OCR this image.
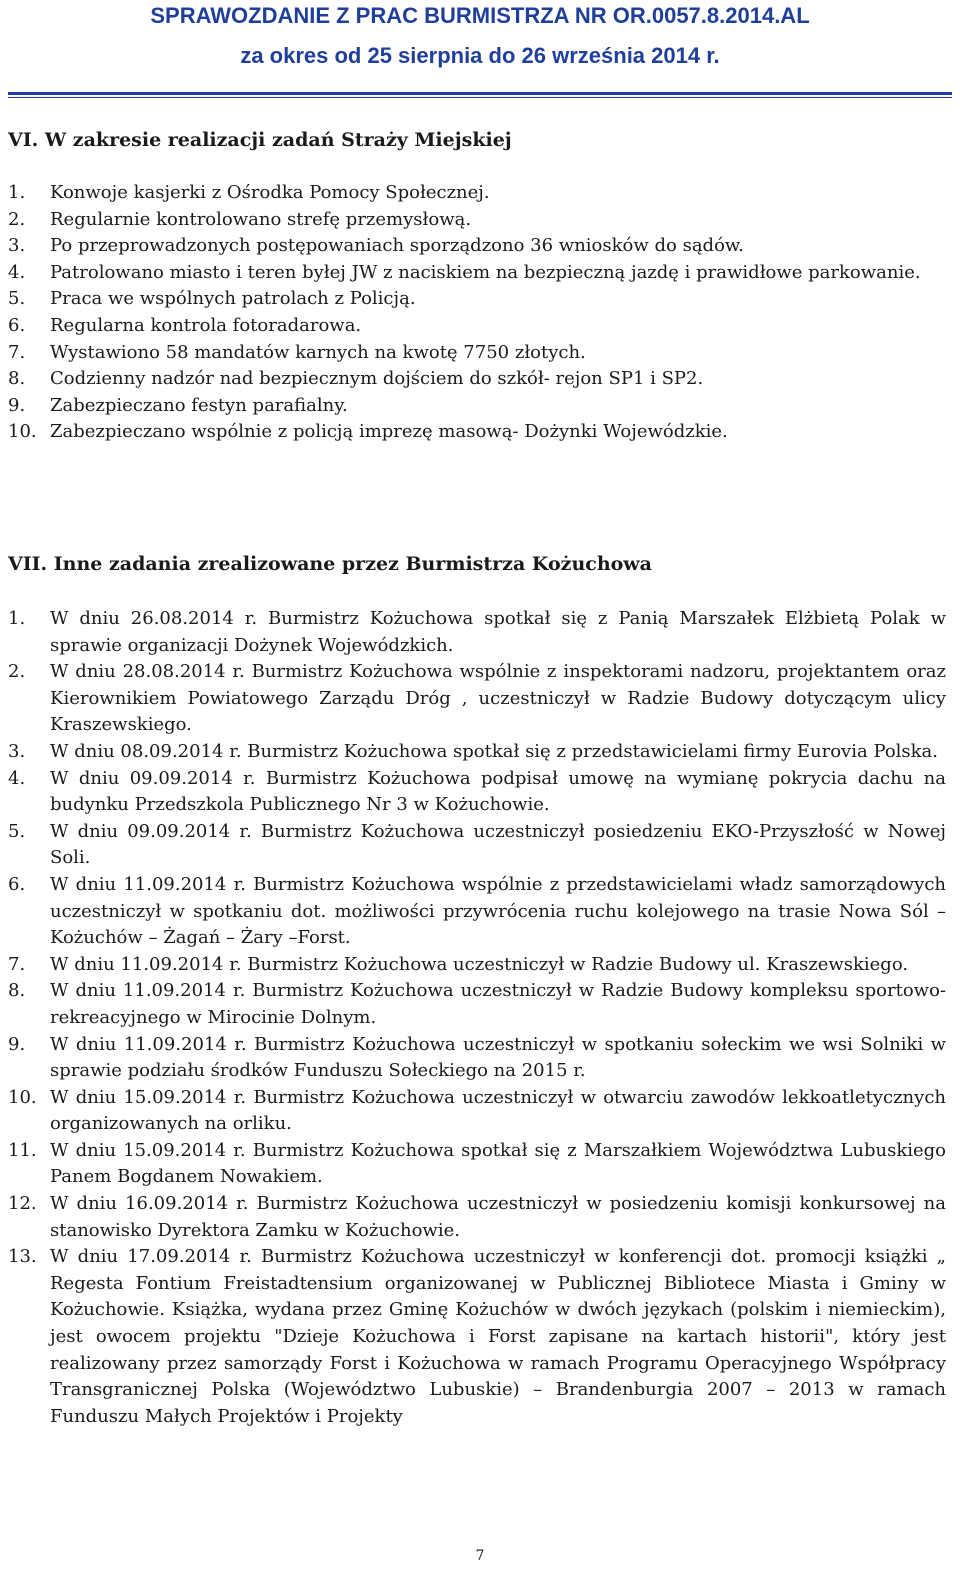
SPRAWOZDANIE Z PRAC BURMISTRZA NR OR.0057.8.2014.AL
za okres od 25 sierpnia do 26 września 2014 r.
VI. W zakresie realizacji zadań Straży Miejskiej
1. Konwoje kasjerki z Ośrodka Pomocy Społecznej.
2. Regularnie kontrolowano strefę przemysłową.
3. Po przeprowadzonych postępowaniach sporządzono 36 wniosków do sądów.
4. Patrolowano miasto i teren byłej JW z naciskiem na bezpieczną jazdę i prawidłowe parkowanie.
5. Praca we wspólnych patrolach z Policją.
6. Regularna kontrola fotoradarowa.
7. Wystawiono 58 mandatów karnych na kwotę 7750 złotych.
8. Codzienny nadzór nad bezpiecznym dojściem do szkół- rejon SP1 i SP2.
9. Zabezpieczano festyn parafialny.
10. Zabezpieczano wspólnie z policją imprezę masową- Dożynki Wojewódzkie.
VII. Inne zadania zrealizowane przez Burmistrza Kożuchowa
1. W dniu 26.08.2014 r. Burmistrz Kożuchowa spotkał się z Panią Marszałek Elżbietą Polak w sprawie organizacji Dożynek Wojewódzkich.
2. W dniu 28.08.2014 r. Burmistrz Kożuchowa wspólnie z inspektorami nadzoru, projektantem oraz Kierownikiem Powiatowego Zarządu Dróg , uczestniczył w Radzie Budowy dotyczącym ulicy Kraszewskiego.
3. W dniu 08.09.2014 r. Burmistrz Kożuchowa spotkał się z przedstawicielami firmy Eurovia Polska.
4. W dniu 09.09.2014 r. Burmistrz Kożuchowa podpisał umowę na wymianę pokrycia dachu na budynku Przedszkola Publicznego Nr 3 w Kożuchowie.
5. W dniu 09.09.2014 r. Burmistrz Kożuchowa uczestniczył posiedzeniu EKO-Przyszłość w Nowej Soli.
6. W dniu 11.09.2014 r. Burmistrz Kożuchowa wspólnie z przedstawicielami władz samorządowych uczestniczył w spotkaniu dot. możliwości przywrócenia ruchu kolejowego na trasie Nowa Sól – Kożuchów – Żagań – Żary –Forst.
7. W dniu 11.09.2014 r. Burmistrz Kożuchowa uczestniczył w Radzie Budowy ul. Kraszewskiego.
8. W dniu 11.09.2014 r. Burmistrz Kożuchowa uczestniczył w Radzie Budowy kompleksu sportowo-rekreacyjnego w Mirocinie Dolnym.
9. W dniu 11.09.2014 r. Burmistrz Kożuchowa uczestniczył w spotkaniu sołeckim we wsi Solniki w sprawie podziału środków Funduszu Sołeckiego na 2015 r.
10. W dniu 15.09.2014 r. Burmistrz Kożuchowa uczestniczył w otwarciu zawodów lekkoatletycznych organizowanych na orliku.
11. W dniu 15.09.2014 r. Burmistrz Kożuchowa spotkał się z Marszałkiem Województwa Lubuskiego Panem Bogdanem Nowakiem.
12. W dniu 16.09.2014 r. Burmistrz Kożuchowa uczestniczył w posiedzeniu komisji konkursowej na stanowisko Dyrektora Zamku w Kożuchowie.
13. W dniu 17.09.2014 r. Burmistrz Kożuchowa uczestniczył w konferencji dot. promocji książki „ Regesta Fontium Freistadtensium organizowanej w Publicznej Bibliotece Miasta i Gminy w Kożuchowie. Książka, wydana przez Gminę Kożuchów w dwóch językach (polskim i niemieckim), jest owocem projektu "Dzieje Kożuchowa i Forst zapisane na kartach historii", który jest realizowany przez samorządy Forst i Kożuchowa w ramach Programu Operacyjnego Współpracy Transgranicznej Polska (Województwo Lubuskie) – Brandenburgia 2007 – 2013 w ramach Funduszu Małych Projektów i Projekty
7
